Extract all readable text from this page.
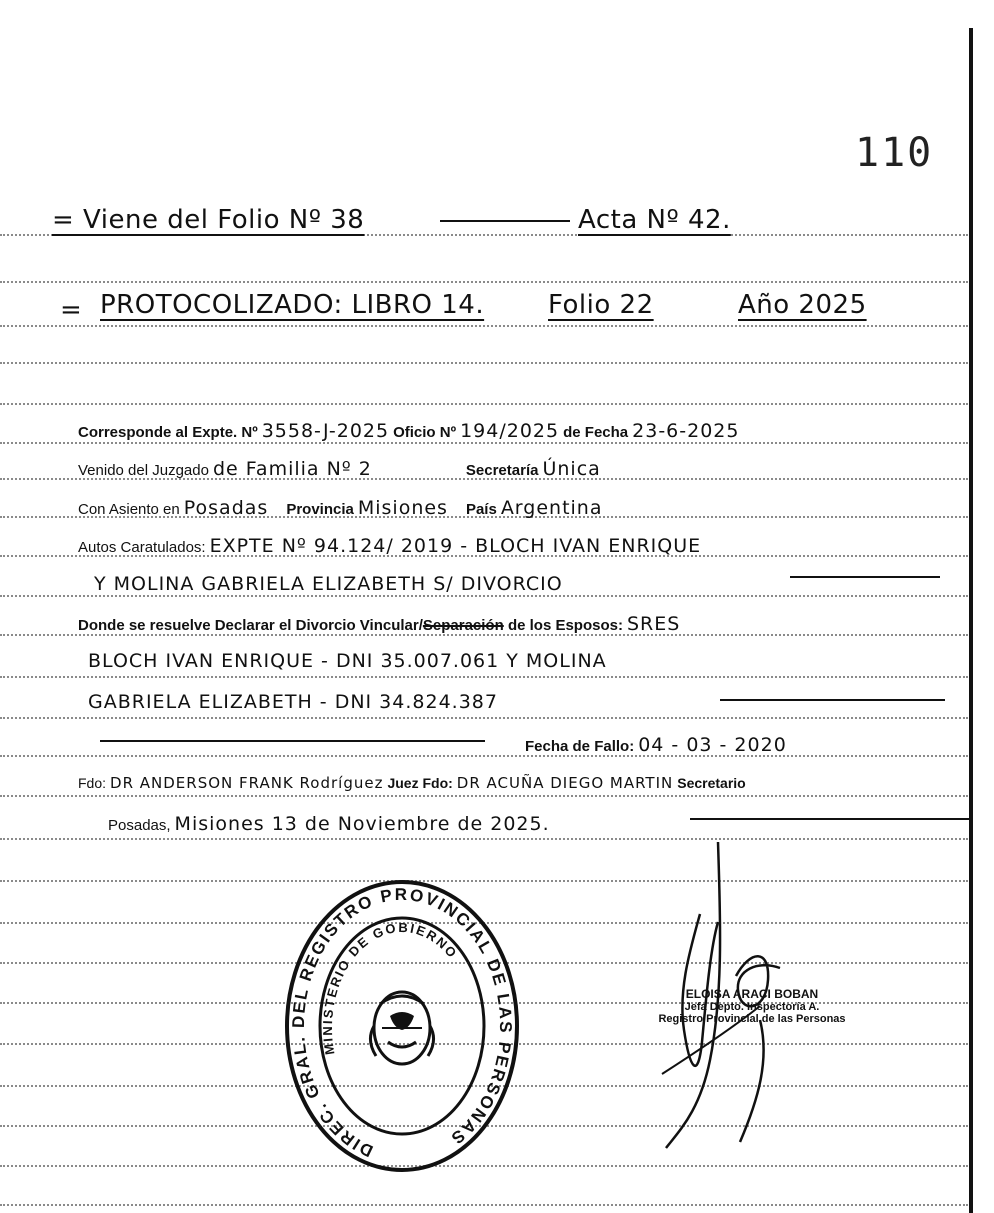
110
= Viene del Folio Nº 38	Acta Nº 42.
= PROTOCOLIZADO: LIBRO 14. Folio 22	Año 2025
Corresponde al Expte. Nº 3558-J-2025 Oficio Nº 194/2025 de Fecha 23-6-2025
Venido del Juzgado de Familia Nº 2	Secretaría Única
Con Asiento en Posadas Provincia Misiones País Argentina
Autos Caratulados: EXPTE Nº 94.124/ 2019 - BLOCH IVAN ENRIQUE
Y MOLINA GABRIELA ELIZABETH S/ DIVORCIO
Donde se resuelve Declarar el Divorcio Vincular/Separación de los Esposos: SRES
BLOCH IVAN ENRIQUE - DNI 35.007.061 Y MOLINA
GABRIELA ELIZABETH - DNI 34.824.387
Fecha de Fallo: 04 - 03 - 2020
Fdo: DR ANDERSON FRANK Rodríguez Juez Fdo: DR ACUÑA DIEGO MARTIN Secretario
Posadas, Misiones 13 de Noviembre de 2025.
DIREC. GRAL. DEL REGISTRO PROVINCIAL DE LAS PERSONAS
MINISTERIO DE GOBIERNO
ELOISA ARACI BOBAN
Jefa Depto. Inspectoría A.
Registro Provincial de las Personas
